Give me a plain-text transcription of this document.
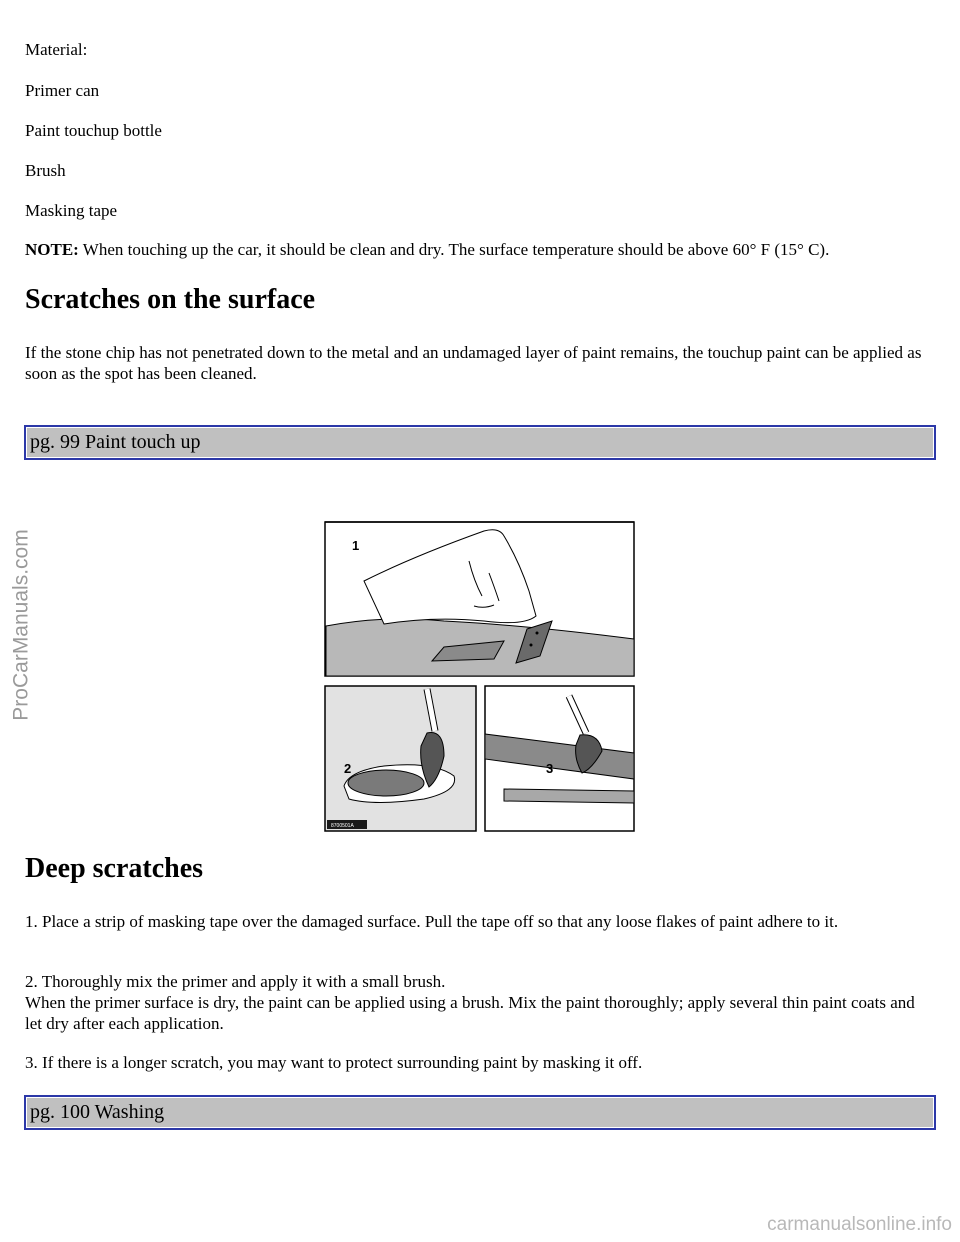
Material:
Primer can
Paint touchup bottle
Brush
Masking tape
NOTE: When touching up the car, it should be clean and dry. The surface temperature should be above 60° F (15° C).
Scratches on the surface
If the stone chip has not penetrated down to the metal and an undamaged layer of paint remains, the touchup paint can be applied as soon as the spot has been cleaned.
pg. 99 Paint touch up
ProCarManuals.com	1
2
8700501A
3
Deep scratches
1. Place a strip of masking tape over the damaged surface. Pull the tape off so that any loose flakes of paint adhere to it.
2. Thoroughly mix the primer and apply it with a small brush.
When the primer surface is dry, the paint can be applied using a brush. Mix the paint thoroughly; apply several thin paint coats and let dry after each application.
3. If there is a longer scratch, you may want to protect surrounding paint by masking it off.
pg. 100 Washing
carmanualsonline.info
